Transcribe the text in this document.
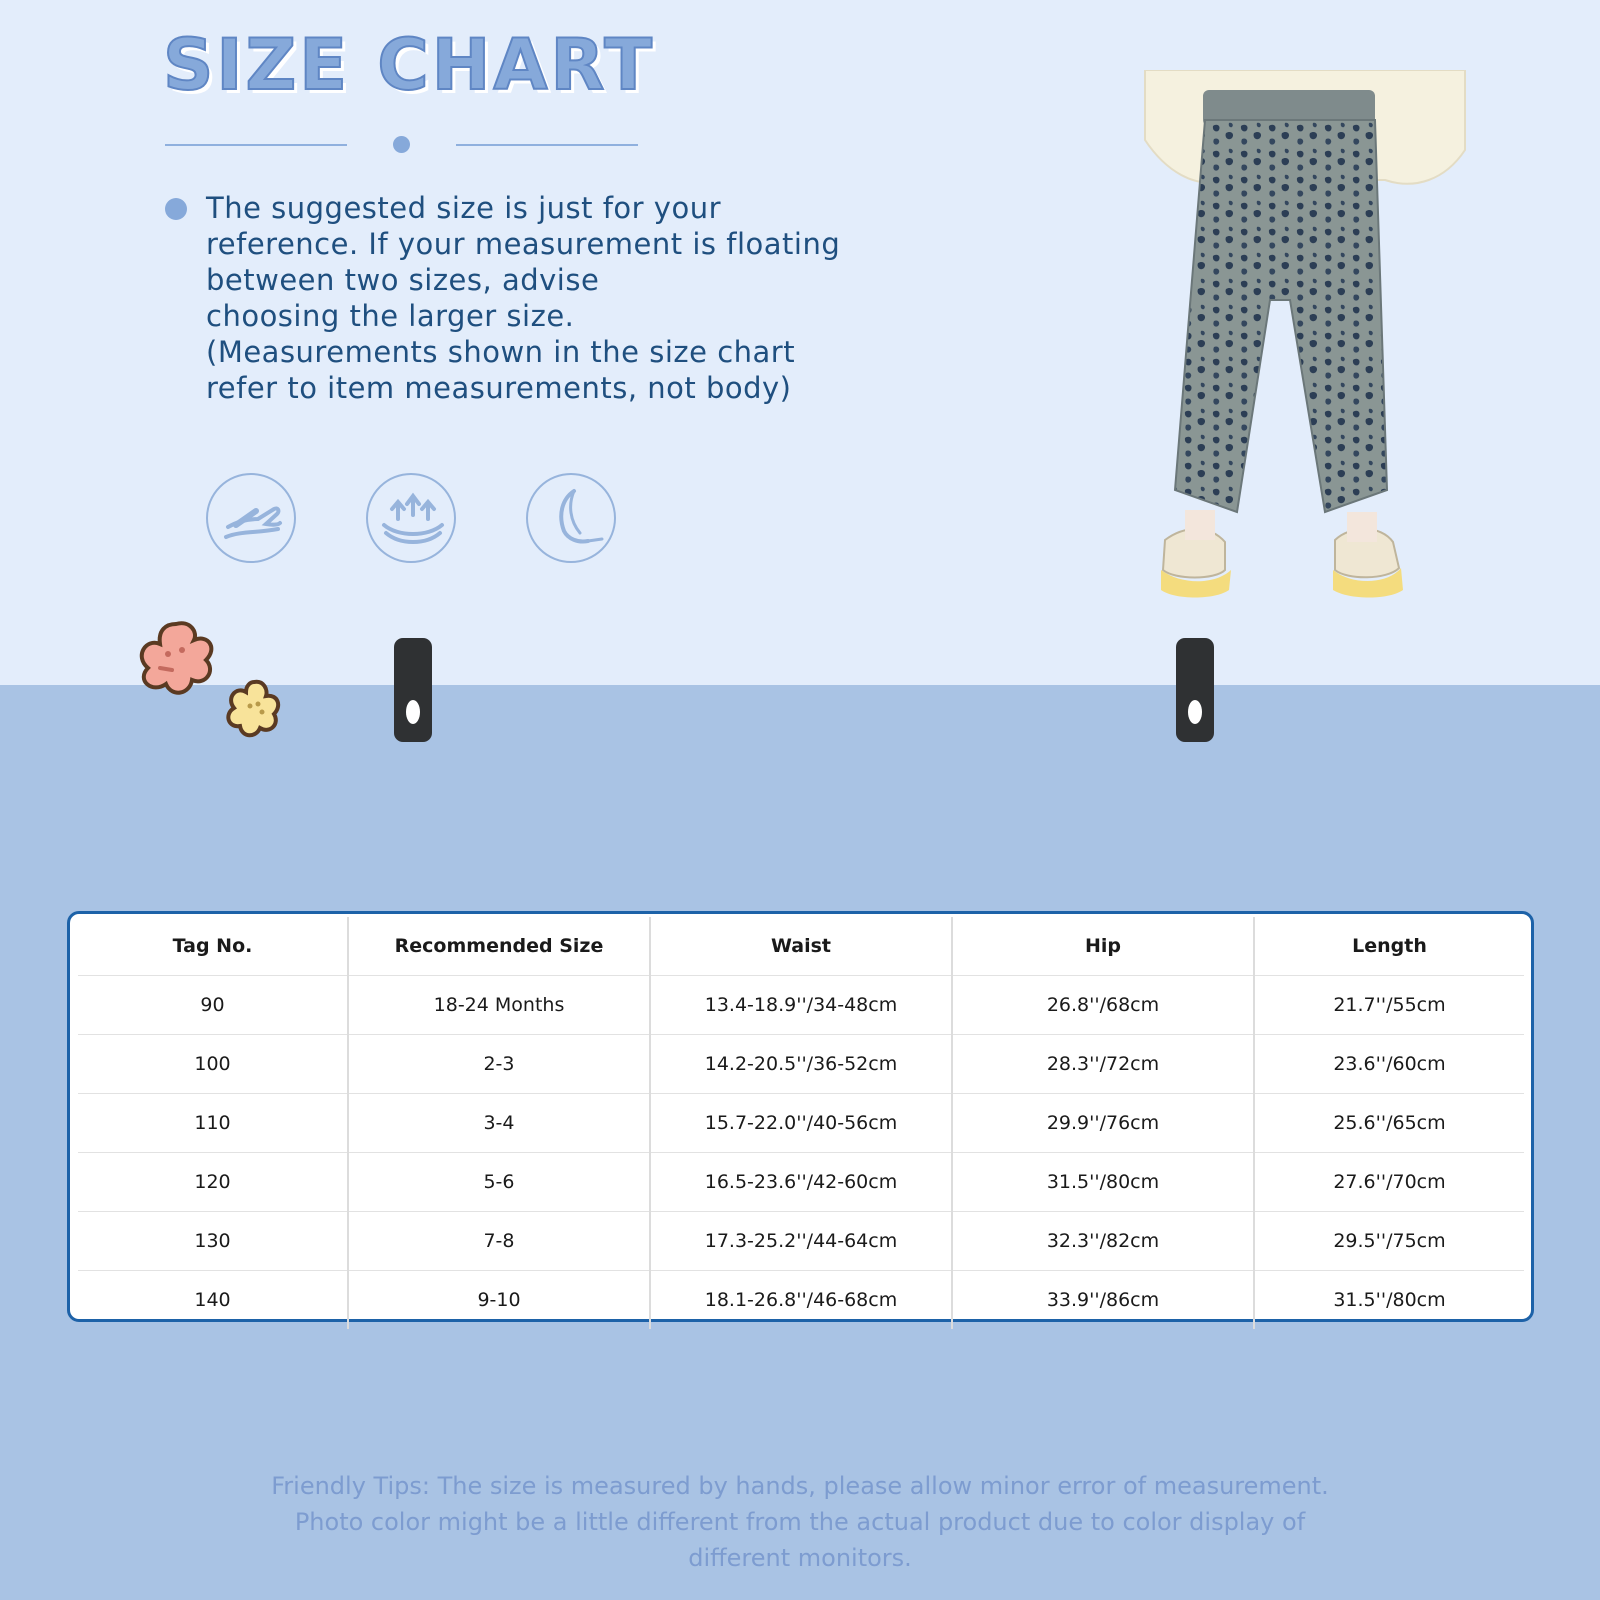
SIZE CHART

The suggested size is just for your reference. If your measurement is floating between two sizes, advise
choosing the larger size.
(Measurements shown in the size chart refer to item measurements, not body)

Tag No.	Recommended Size	Waist	Hip	Length
90	18-24 Months	13.4-18.9''/34-48cm	26.8''/68cm	21.7''/55cm
100	2-3	14.2-20.5''/36-52cm	28.3''/72cm	23.6''/60cm
110	3-4	15.7-22.0''/40-56cm	29.9''/76cm	25.6''/65cm
120	5-6	16.5-23.6''/42-60cm	31.5''/80cm	27.6''/70cm
130	7-8	17.3-25.2''/44-64cm	32.3''/82cm	29.5''/75cm
140	9-10	18.1-26.8''/46-68cm	33.9''/86cm	31.5''/80cm

Friendly Tips: The size is measured by hands, please allow minor error of measurement.
Photo color might be a little different from the actual product due to color display of
different monitors.
